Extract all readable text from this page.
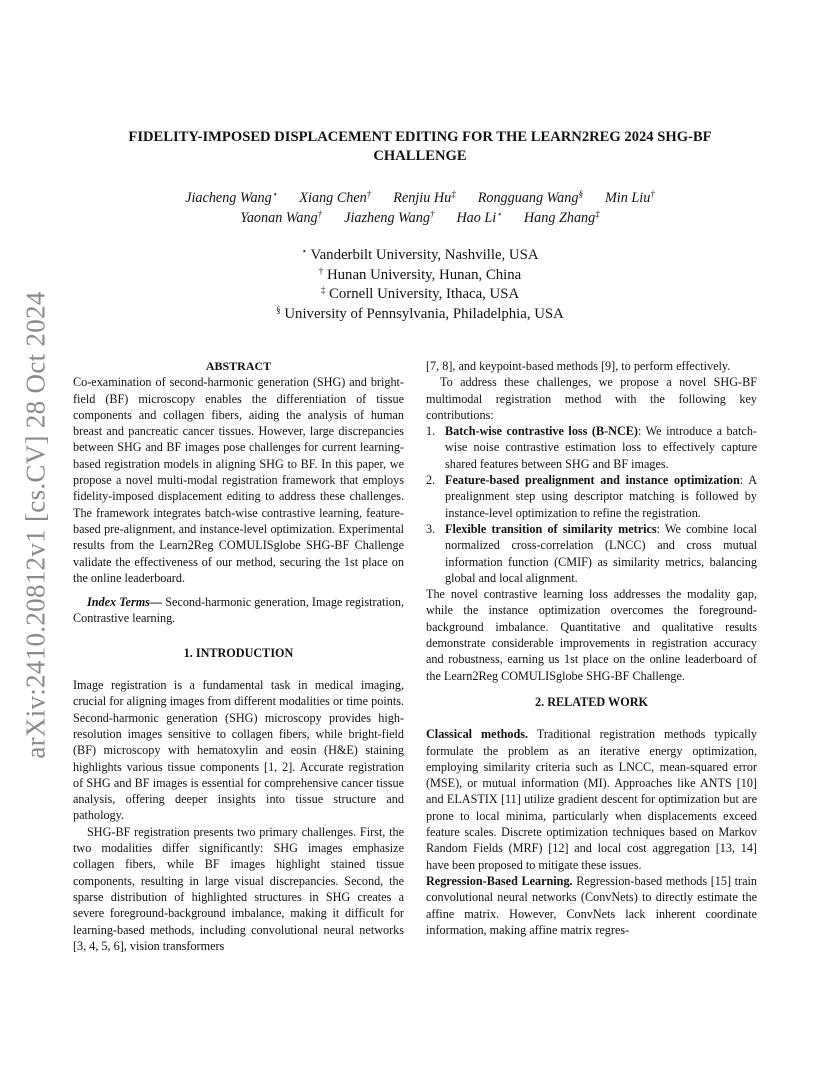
arXiv:2410.20812v1 [cs.CV] 28 Oct 2024
FIDELITY-IMPOSED DISPLACEMENT EDITING FOR THE LEARN2REG 2024 SHG-BF
CHALLENGE
Jiacheng Wang⋆ Xiang Chen† Renjiu Hu‡ Rongguang Wang§ Min Liu†
Yaonan Wang† Jiazheng Wang† Hao Li⋆ Hang Zhang‡
⋆ Vanderbilt University, Nashville, USA
† Hunan University, Hunan, China
‡ Cornell University, Ithaca, USA
§ University of Pennsylvania, Philadelphia, USA

ABSTRACT

Co-examination of second-harmonic generation (SHG) and bright-field (BF) microscopy enables the differentiation of tissue components and collagen fibers, aiding the analysis of human breast and pancreatic cancer tissues. However, large discrepancies between SHG and BF images pose challenges for current learning-based registration models in aligning SHG to BF. In this paper, we propose a novel multi-modal registration framework that employs fidelity-imposed displacement editing to address these challenges. The framework integrates batch-wise contrastive learning, feature-based pre-alignment, and instance-level optimization. Experimental results from the Learn2Reg COMULISglobe SHG-BF Challenge validate the effectiveness of our method, securing the 1st place on the online leaderboard.

Index Terms— Second-harmonic generation, Image registration, Contrastive learning.

1. INTRODUCTION

Image registration is a fundamental task in medical imaging, crucial for aligning images from different modalities or time points. Second-harmonic generation (SHG) microscopy provides high-resolution images sensitive to collagen fibers, while bright-field (BF) microscopy with hematoxylin and eosin (H&E) staining highlights various tissue components [1, 2]. Accurate registration of SHG and BF images is essential for comprehensive cancer tissue analysis, offering deeper insights into tissue structure and pathology.

SHG-BF registration presents two primary challenges. First, the two modalities differ significantly: SHG images emphasize collagen fibers, while BF images highlight stained tissue components, resulting in large visual discrepancies. Second, the sparse distribution of highlighted structures in SHG creates a severe foreground-background imbalance, making it difficult for learning-based methods, including convolutional neural networks [3, 4, 5, 6], vision transformers

[7, 8], and keypoint-based methods [9], to perform effectively.

To address these challenges, we propose a novel SHG-BF multimodal registration method with the following key contributions:

1. Batch-wise contrastive loss (B-NCE): We introduce a batch-wise noise contrastive estimation loss to effectively capture shared features between SHG and BF images.
2. Feature-based prealignment and instance optimization: A prealignment step using descriptor matching is followed by instance-level optimization to refine the registration.
3. Flexible transition of similarity metrics: We combine local normalized cross-correlation (LNCC) and cross mutual information function (CMIF) as similarity metrics, balancing global and local alignment.

The novel contrastive learning loss addresses the modality gap, while the instance optimization overcomes the foreground-background imbalance. Quantitative and qualitative results demonstrate considerable improvements in registration accuracy and robustness, earning us 1st place on the online leaderboard of the Learn2Reg COMULISglobe SHG-BF Challenge.

2. RELATED WORK

Classical methods. Traditional registration methods typically formulate the problem as an iterative energy optimization, employing similarity criteria such as LNCC, mean-squared error (MSE), or mutual information (MI). Approaches like ANTS [10] and ELASTIX [11] utilize gradient descent for optimization but are prone to local minima, particularly when displacements exceed feature scales. Discrete optimization techniques based on Markov Random Fields (MRF) [12] and local cost aggregation [13, 14] have been proposed to mitigate these issues.

Regression-Based Learning. Regression-based methods [15] train convolutional neural networks (ConvNets) to directly estimate the affine matrix. However, ConvNets lack inherent coordinate information, making affine matrix regres-
